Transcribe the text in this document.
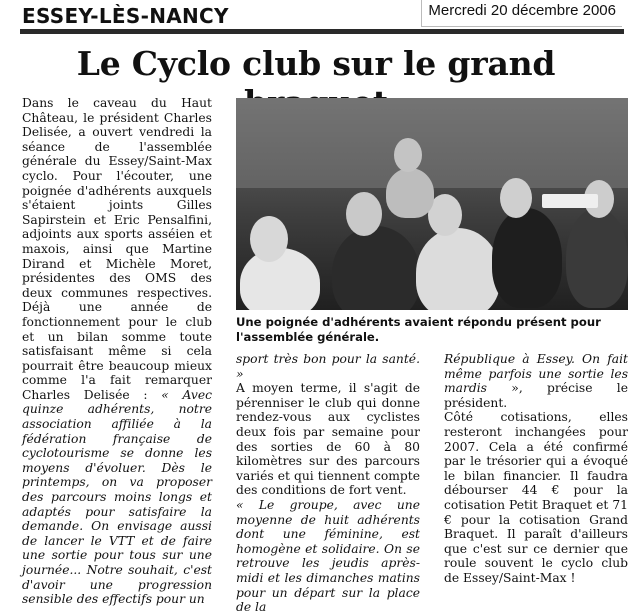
ESSEY-LÈS-NANCY	Mercredi 20 décembre 2006
Le Cyclo club sur le grand

Dans le caveau du Haut Château, le président Charles Delisée, a ouvert vendredi la séance de l'assemblée générale du Essey/Saint-Max cyclo. Pour l'écouter, une poignée d'adhérents auxquels s'étaient joints Gilles Sapirstein et Eric Pensalfini, adjoints aux sports asséien et maxois, ainsi que Martine Dirand et Michèle Moret, présidentes des OMS des deux communes respectives. Déjà une année de fonctionnement pour le club et un bilan somme toute satisfaisant même si cela pourrait être beaucoup mieux comme l'a fait remarquer Charles Delisée : « Avec quinze adhérents, notre association affiliée à la fédération française de cyclotourisme se donne les moyens d'évoluer. Dès le printemps, on va proposer des parcours moins longs et adaptés pour satisfaire la demande. On envisage aussi de lancer le VTT et de faire une sortie pour tous sur une journée... Notre souhait, c'est d'avoir une progression sensible des effectifs pour un

Une poignée d'adhérents avaient répondu présent pour l'assemblée générale.

sport très bon pour la santé. »

A moyen terme, il s'agit de pérenniser le club qui donne rendez-vous aux cyclistes deux fois par semaine pour des sorties de 60 à 80 kilomètres sur des parcours variés et qui tiennent compte des conditions de fort vent.

« Le groupe, avec une moyenne de huit adhérents dont une féminine, est homogène et solidaire. On se retrouve les jeudis après-midi et les dimanches matins pour un départ sur la place de la

République à Essey. On fait même parfois une sortie les mardis », précise le président.

Côté cotisations, elles resteront inchangées pour 2007. Cela a été confirmé par le trésorier qui a évoqué le bilan financier. Il faudra débourser 44 € pour la cotisation Petit Braquet et 71 € pour la cotisation Grand Braquet. Il paraît d'ailleurs que c'est sur ce dernier que roule souvent le cyclo club de Essey/Saint-Max !
